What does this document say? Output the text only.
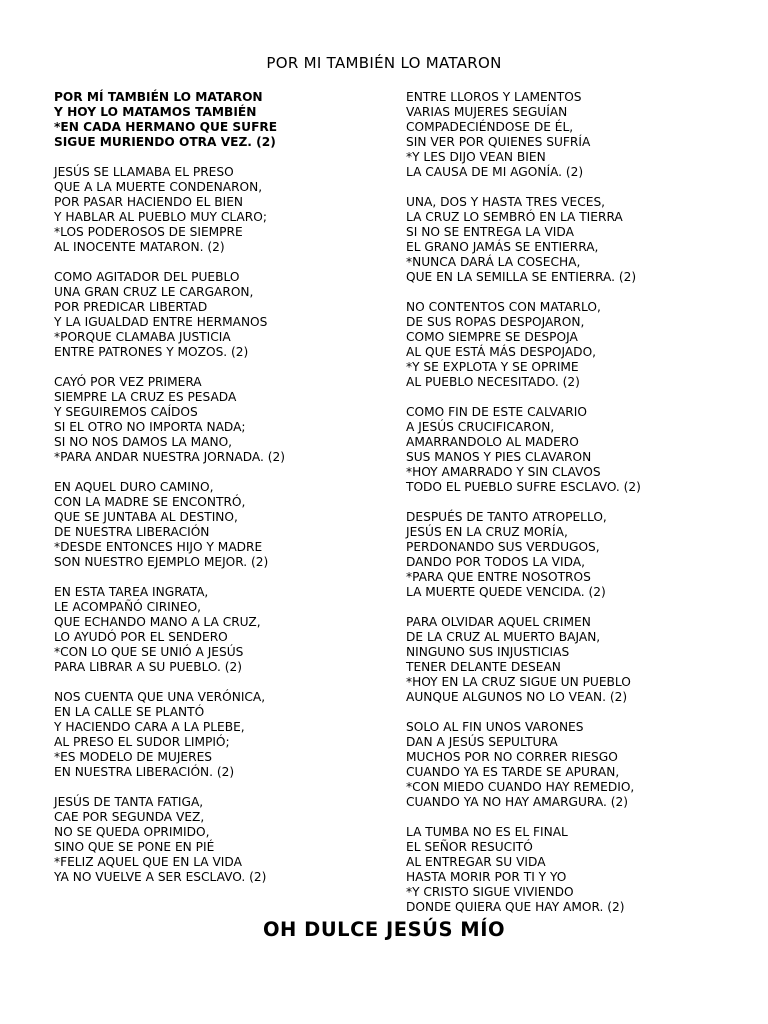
POR MI TAMBIÉN LO MATARON
POR MÍ TAMBIÉN LO MATARON
Y HOY LO MATAMOS TAMBIÉN
*EN CADA HERMANO QUE SUFRE
SIGUE MURIENDO OTRA VEZ. (2)
JESÚS SE LLAMABA EL PRESO
QUE A LA MUERTE CONDENARON,
POR PASAR HACIENDO EL BIEN
Y HABLAR AL PUEBLO MUY CLARO;
*LOS PODEROSOS DE SIEMPRE
AL INOCENTE MATARON. (2)
COMO AGITADOR DEL PUEBLO
UNA GRAN CRUZ LE CARGARON,
POR PREDICAR LIBERTAD
Y LA IGUALDAD ENTRE HERMANOS
*PORQUE CLAMABA JUSTICIA
ENTRE PATRONES Y MOZOS. (2)
CAYÓ POR VEZ PRIMERA
SIEMPRE LA CRUZ ES PESADA
Y SEGUIREMOS CAÍDOS
SI EL OTRO NO IMPORTA NADA;
SI NO NOS DAMOS LA MANO,
*PARA ANDAR NUESTRA JORNADA. (2)
EN AQUEL DURO CAMINO,
CON LA MADRE SE ENCONTRÓ,
QUE SE JUNTABA AL DESTINO,
DE NUESTRA LIBERACIÓN
*DESDE ENTONCES HIJO Y MADRE
SON NUESTRO EJEMPLO MEJOR. (2)
EN ESTA TAREA INGRATA,
LE ACOMPAÑÓ CIRINEO,
QUE ECHANDO MANO A LA CRUZ,
LO AYUDÓ POR EL SENDERO
*CON LO QUE SE UNIÓ A JESÚS
PARA LIBRAR A SU PUEBLO. (2)
NOS CUENTA QUE UNA VERÓNICA,
EN LA CALLE SE PLANTÓ
Y HACIENDO CARA A LA PLEBE,
AL PRESO EL SUDOR LIMPIÓ;
*ES MODELO DE MUJERES
EN NUESTRA LIBERACIÓN. (2)
JESÚS DE TANTA FATIGA,
CAE POR SEGUNDA VEZ,
NO SE QUEDA OPRIMIDO,
SINO QUE SE PONE EN PIÉ
*FELIZ AQUEL QUE EN LA VIDA
YA NO VUELVE A SER ESCLAVO. (2)
ENTRE LLOROS Y LAMENTOS
VARIAS MUJERES SEGUÍAN
COMPADECIÉNDOSE DE ÉL,
SIN VER POR QUIENES SUFRÍA
*Y LES DIJO VEAN BIEN
LA CAUSA DE MI AGONÍA. (2)
UNA, DOS Y HASTA TRES VECES,
LA CRUZ LO SEMBRÓ EN LA TIERRA
SI NO SE ENTREGA LA VIDA
EL GRANO JAMÁS SE ENTIERRA,
*NUNCA DARÁ LA COSECHA,
QUE EN LA SEMILLA SE ENTIERRA. (2)
NO CONTENTOS CON MATARLO,
DE SUS ROPAS DESPOJARON,
COMO SIEMPRE SE DESPOJA
AL QUE ESTÁ MÁS DESPOJADO,
*Y SE EXPLOTA Y SE OPRIME
AL PUEBLO NECESITADO. (2)
COMO FIN DE ESTE CALVARIO
A JESÚS CRUCIFICARON,
AMARRANDOLO AL MADERO
SUS MANOS Y PIES CLAVARON
*HOY AMARRADO Y SIN CLAVOS
TODO EL PUEBLO SUFRE ESCLAVO. (2)
DESPUÉS DE TANTO ATROPELLO,
JESÚS EN LA CRUZ MORÍA,
PERDONANDO SUS VERDUGOS,
DANDO POR TODOS LA VIDA,
*PARA QUE ENTRE NOSOTROS
LA MUERTE QUEDE VENCIDA. (2)
PARA OLVIDAR AQUEL CRIMEN
DE LA CRUZ AL MUERTO BAJAN,
NINGUNO SUS INJUSTICIAS
TENER DELANTE DESEAN
*HOY EN LA CRUZ SIGUE UN PUEBLO
AUNQUE ALGUNOS NO LO VEAN. (2)
SOLO AL FIN UNOS VARONES
DAN A JESÚS SEPULTURA
MUCHOS POR NO CORRER RIESGO
CUANDO YA ES TARDE SE APURAN,
*CON MIEDO CUANDO HAY REMEDIO,
CUANDO YA NO HAY AMARGURA. (2)
LA TUMBA NO ES EL FINAL
EL SEÑOR RESUCITÓ
AL ENTREGAR SU VIDA
HASTA MORIR POR TI Y YO
*Y CRISTO SIGUE VIVIENDO
DONDE QUIERA QUE HAY AMOR. (2)
OH DULCE JESÚS MÍO
